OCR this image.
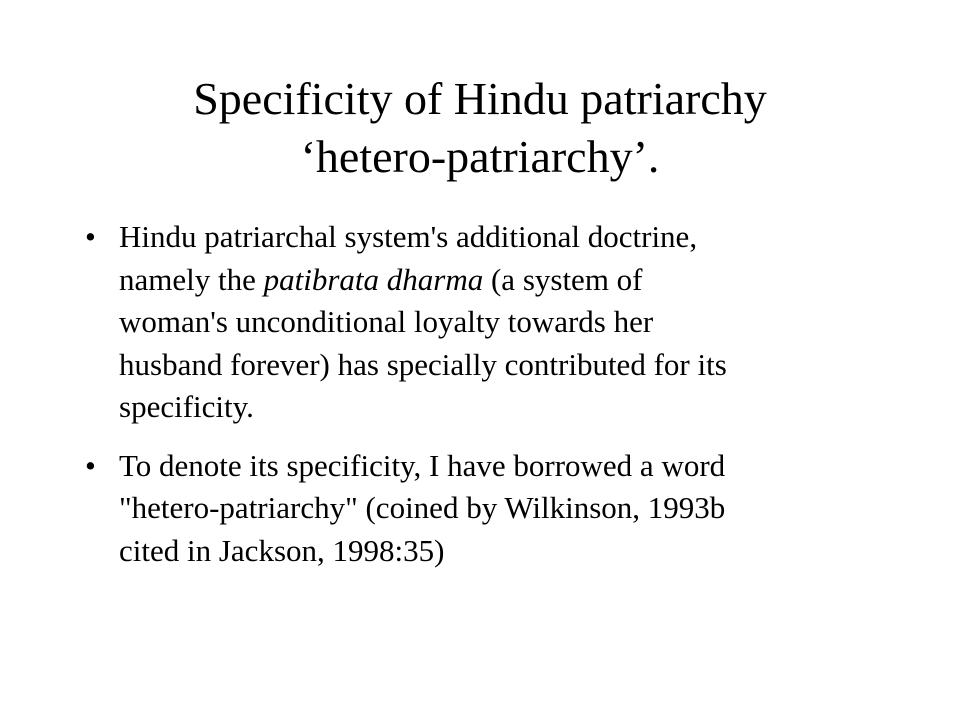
Specificity of Hindu patriarchy
‘hetero-patriarchy’.
• Hindu patriarchal system's additional doctrine,
namely the patibrata dharma (a system of
woman's unconditional loyalty towards her
husband forever) has specially contributed for its
specificity.
• To denote its specificity, I have borrowed a word
"hetero-patriarchy" (coined by Wilkinson, 1993b
cited in Jackson, 1998:35)
